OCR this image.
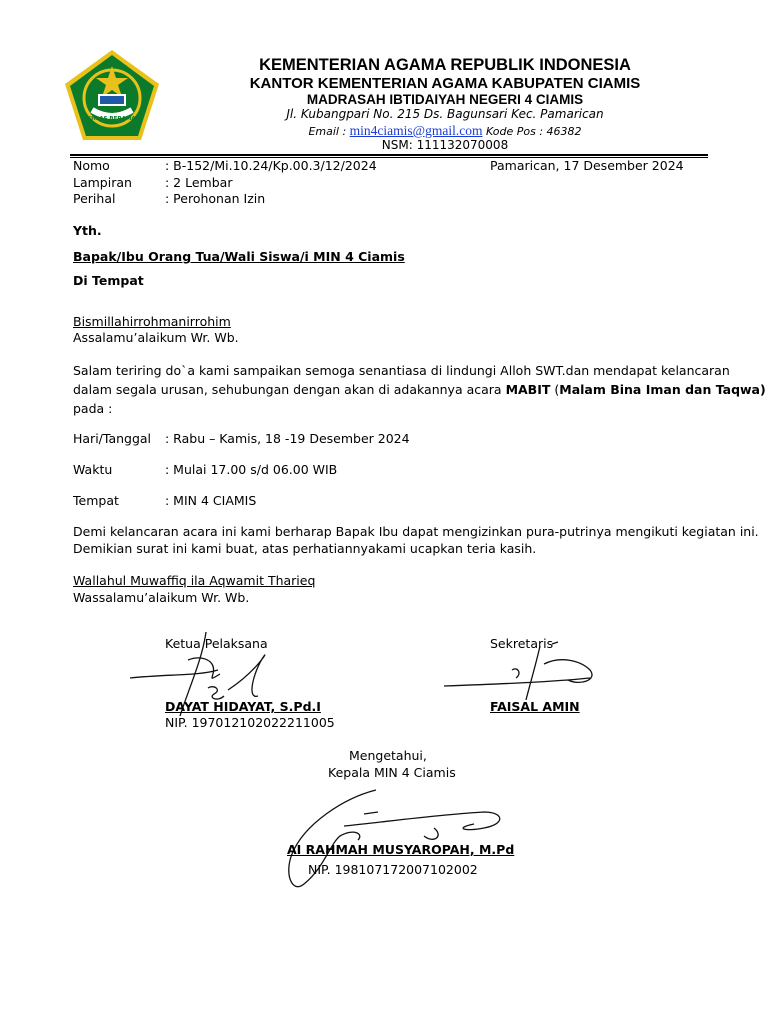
IKHLAS BERAMAL
KEMENTERIAN AGAMA REPUBLIK INDONESIA
KANTOR KEMENTERIAN AGAMA KABUPATEN CIAMIS
MADRASAH IBTIDAIYAH NEGERI 4 CIAMIS
Jl. Kubangpari No. 215 Ds. Bagunsari Kec. Pamarican
Email : min4ciamis@gmail.com Kode Pos : 46382
NSM: 111132070008
Nomo	: B-152/Mi.10.24/Kp.00.3/12/2024	Pamarican, 17 Desember 2024
Lampiran	: 2 Lembar
Perihal	: Perohonan Izin
Yth.
Bapak/Ibu Orang Tua/Wali Siswa/i MIN 4 Ciamis
Di Tempat
Bismillahirrohmanirrohim
Assalamu’alaikum Wr. Wb.
Salam teriring do`a kami sampaikan semoga senantiasa di lindungi Alloh SWT.dan mendapat kelancaran
dalam segala urusan, sehubungan dengan akan di adakannya acara MABIT (Malam Bina Iman dan Taqwa)
pada :
Hari/Tanggal : Rabu – Kamis, 18 -19 Desember 2024
Waktu	: Mulai 17.00 s/d 06.00 WIB
Tempat	: MIN 4 CIAMIS
Demi kelancaran acara ini kami berharap Bapak Ibu dapat mengizinkan pura-putrinya mengikuti kegiatan ini.
Demikian surat ini kami buat, atas perhatiannyakami ucapkan teria kasih.
Wallahul Muwaffiq ila Aqwamit Tharieq
Wassalamu’alaikum Wr. Wb.
Ketua Pelaksana
DAYAT HIDAYAT, S.Pd.I
NIP. 197012102022211005
Sekretaris
FAISAL AMIN
Mengetahui,
Kepala MIN 4 Ciamis
AI RAHMAH MUSYAROPAH, M.Pd
NIP. 198107172007102002
